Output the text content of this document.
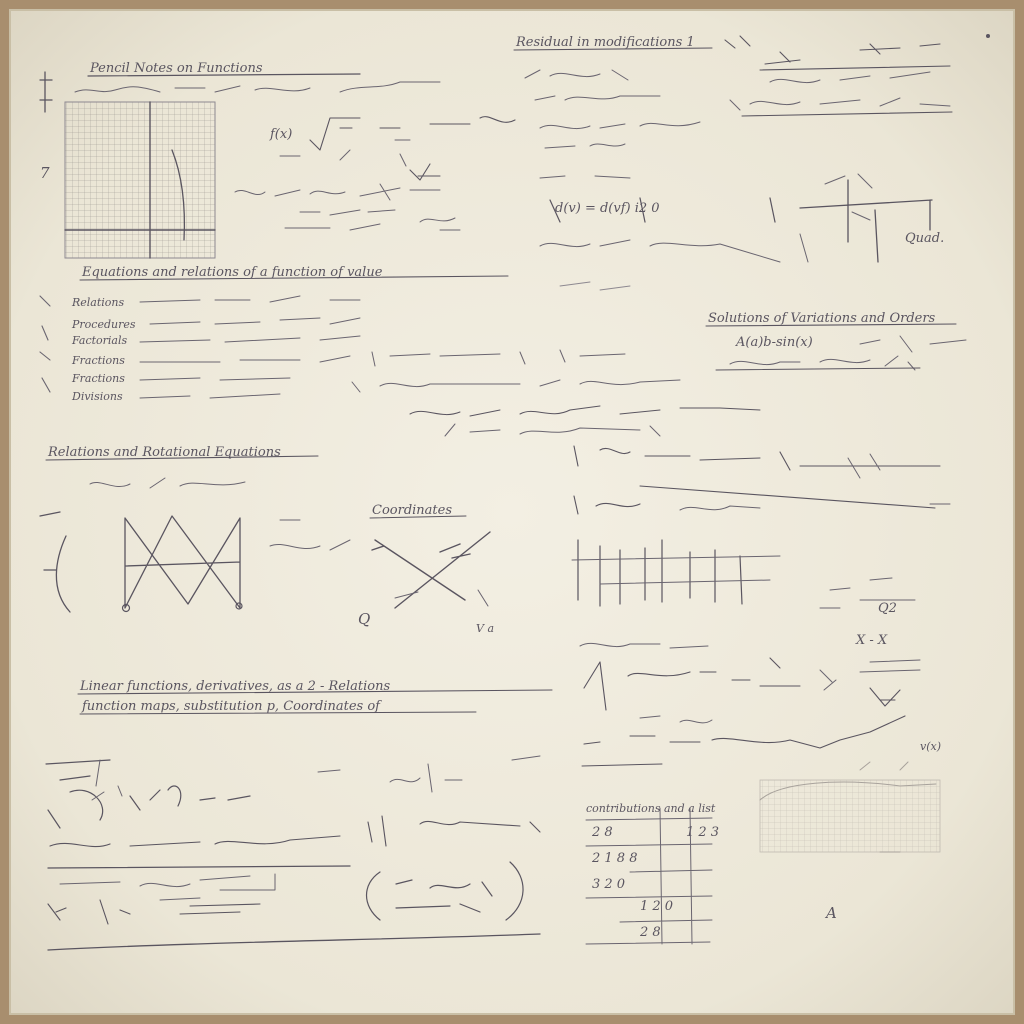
Pencil Notes on Functions
7
f(x)
Residual in modifications 1
d(v) = d(vf) i2 0
Quad.
Equations and relations of a function of value
Relations
Procedures
Factorials
Fractions
Fractions
Divisions
Solutions of Variations and Orders
A(a)b-sin(x)
Relations and Rotational Equations
Coordinates
Q
V a
Q2
X - X
Linear functions, derivatives, as a 2 - Relations
function maps, substitution p, Coordinates of
contributions and a list
2 8
2 1 8 8
3 2 0
1 2 0
2 8
1 2 3
A
v(x)
